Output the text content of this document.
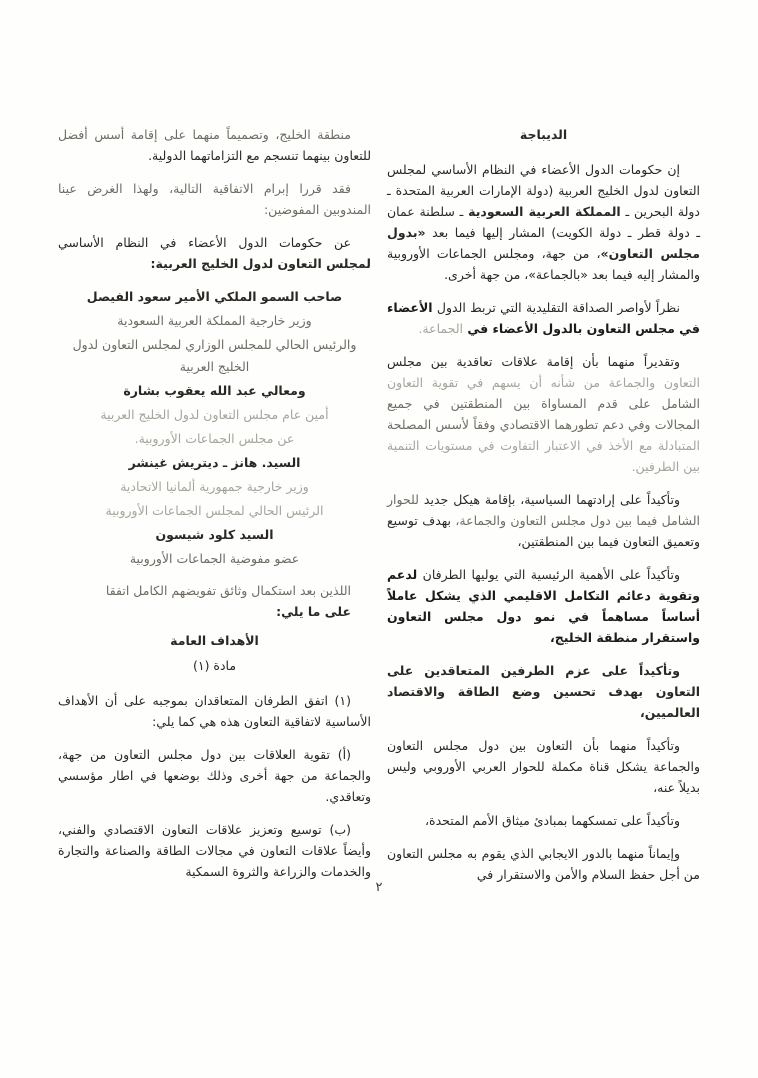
الديباجة

إن حكومات الدول الأعضاء في النظام الأساسي لمجلس التعاون لدول الخليج العربية (دولة الإمارات العربية المتحدة ـ دولة البحرين ـ المملكة العربية السعودية ـ سلطنة عمان ـ دولة قطر ـ دولة الكويت) المشار إليها فيما بعد «بدول مجلس التعاون»، من جهة، ومجلس الجماعات الأوروبية والمشار إليه فيما بعد «بالجماعة»، من جهة أخرى.

نظراً لأواصر الصداقة التقليدية التي تربط الدول الأعضاء في مجلس التعاون بالدول الأعضاء في الجماعة.

وتقديراً منهما بأن إقامة علاقات تعاقدية بين مجلس التعاون والجماعة من شأنه أن يسهم في تقوية التعاون الشامل على قدم المساواة بين المنطقتين في جميع المجالات وفي دعم تطورهما الاقتصادي وفقاً لأسس المصلحة المتبادلة مع الأخذ في الاعتبار التفاوت في مستويات التنمية بين الطرفين.

وتأكيداً على إرادتهما السياسية، بإقامة هيكل جديد للحوار الشامل فيما بين دول مجلس التعاون والجماعة، بهدف توسيع وتعميق التعاون فيما بين المنطقتين،

وتأكيداً على الأهمية الرئيسية التي يوليها الطرفان لدعم وتقوية دعائم التكامل الاقليمي الذي يشكل عاملاً أساساً مساهماً في نمو دول مجلس التعاون واستقرار منطقة الخليج،

وتأكيداً على عزم الطرفين المتعاقدين على التعاون بهدف تحسين وضع الطاقة والاقتصاد العالميين،

وتأكيداً منهما بأن التعاون بين دول مجلس التعاون والجماعة يشكل قناة مكملة للحوار العربي الأوروبي وليس بديلاً عنه،

وتأكيداً على تمسكهما بمبادئ ميثاق الأمم المتحدة،

وإيماناً منهما بالدور الايجابي الذي يقوم به مجلس التعاون من أجل حفظ السلام والأمن والاستقرار في

منطقة الخليج، وتصميماً منهما على إقامة أسس أفضل للتعاون بينهما تنسجم مع التزاماتهما الدولية.

فقد قررا إبرام الاتفاقية التالية، ولهذا الغرض عينا المندوبين المفوضين:

عن حكومات الدول الأعضاء في النظام الأساسي لمجلس التعاون لدول الخليج العربية:

صاحب السمو الملكي الأمير سعود الفيصل

وزير خارجية المملكة العربية السعودية

والرئيس الحالي للمجلس الوزاري لمجلس التعاون لدول الخليج العربية

ومعالي عبد الله يعقوب بشارة

أمين عام مجلس التعاون لدول الخليج العربية

عن مجلس الجماعات الأوروبية.

السيد. هانز ـ ديتريش غينشر

وزير خارجية جمهورية ألمانيا الاتحادية

الرئيس الحالي لمجلس الجماعات الأوروبية

السيد كلود شيسون

عضو مفوضية الجماعات الأوروبية

اللذين بعد استكمال وثائق تفويضهم الكامل اتفقا
على ما يلي:

الأهداف العامة
مادة (١)

(١) اتفق الطرفان المتعاقدان بموجبه على أن الأهداف الأساسية لاتفاقية التعاون هذه هي كما يلي:

(أ) تقوية العلاقات بين دول مجلس التعاون من جهة، والجماعة من جهة أخرى وذلك بوضعها في اطار مؤسسي وتعاقدي.

(ب) توسيع وتعزيز علاقات التعاون الاقتصادي والفني، وأيضاً علاقات التعاون في مجالات الطاقة والصناعة والتجارة والخدمات والزراعة والثروة السمكية

٢
